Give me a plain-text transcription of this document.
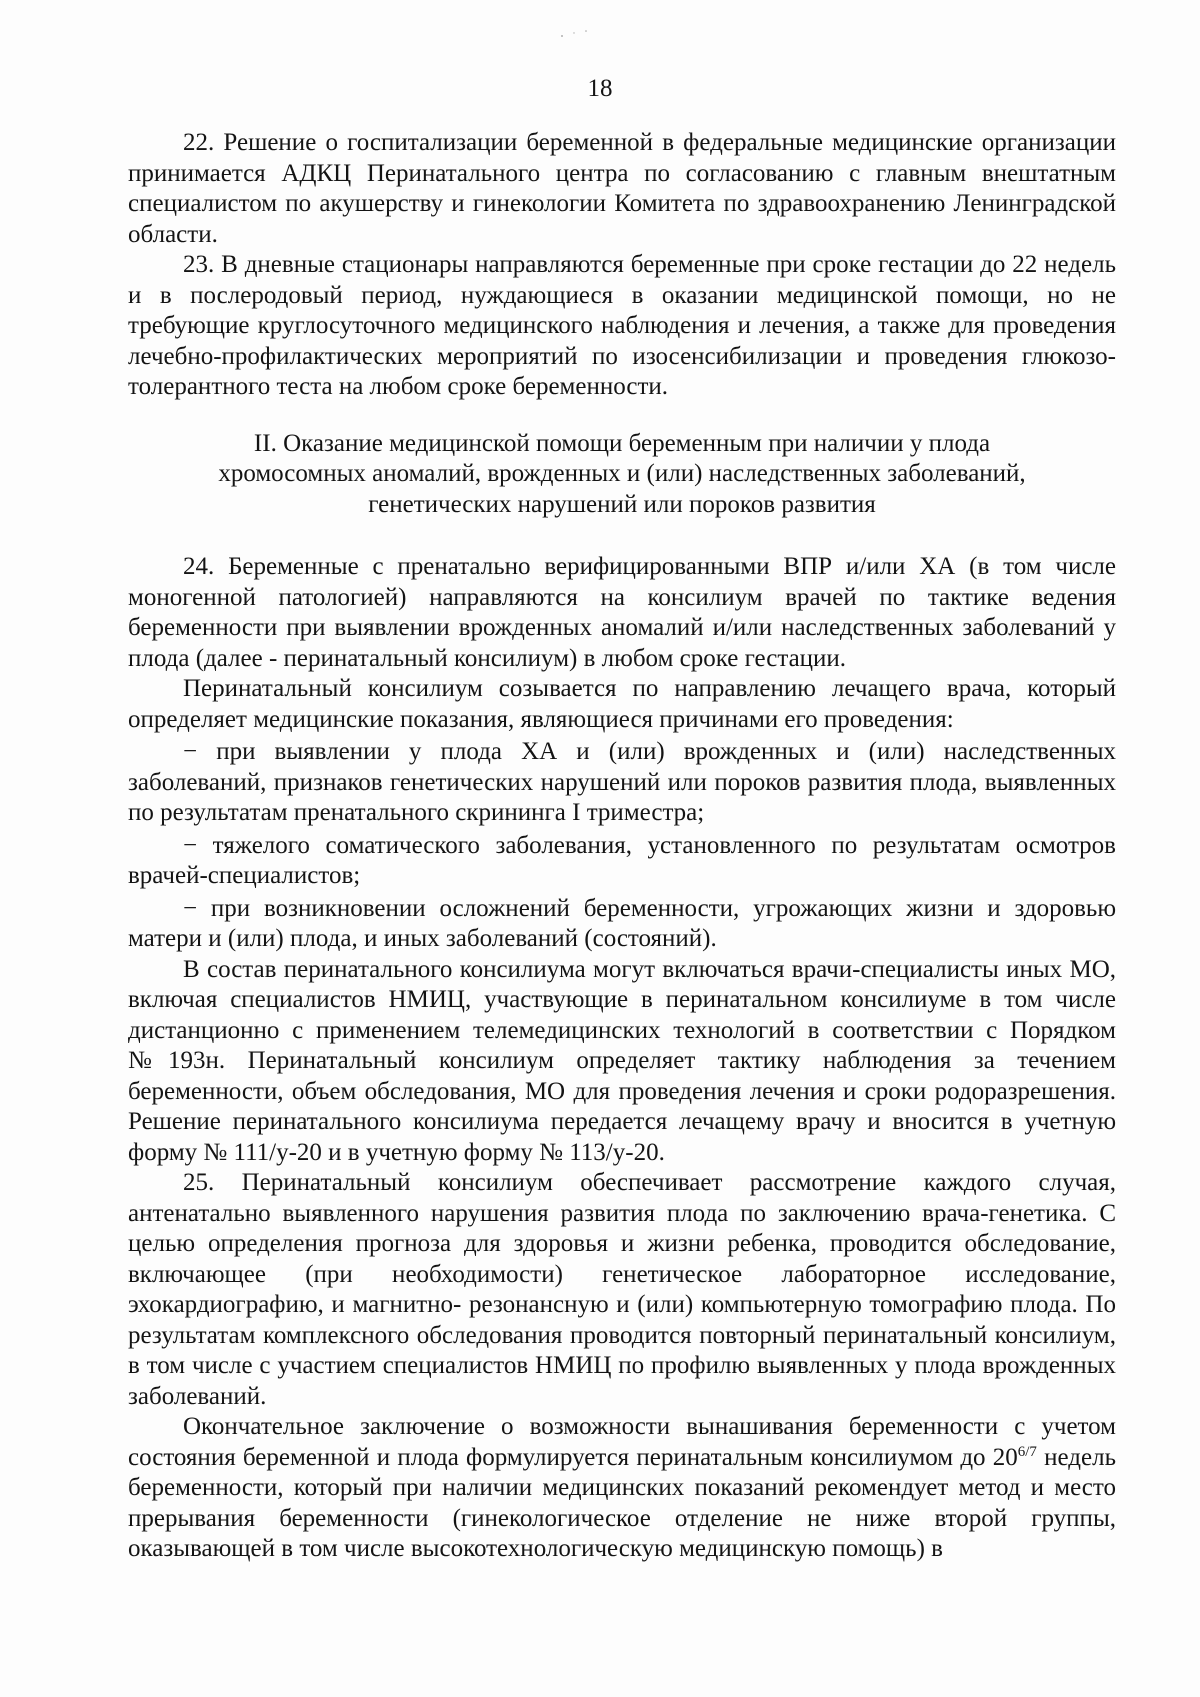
18

22. Решение о госпитализации беременной в федеральные медицинские организации принимается АДКЦ Перинатального центра по согласованию с главным внештатным специалистом по акушерству и гинекологии Комитета по здравоохранению Ленинградской области.

23. В дневные стационары направляются беременные при сроке гестации до 22 недель и в послеродовый период, нуждающиеся в оказании медицинской помощи, но не требующие круглосуточного медицинского наблюдения и лечения, а также для проведения лечебно-профилактических мероприятий по изосенсибилизации и проведения глюкозо-толерантного теста на любом сроке беременности.

II. Оказание медицинской помощи беременным при наличии у плода
хромосомных аномалий, врожденных и (или) наследственных заболеваний,
генетических нарушений или пороков развития

24. Беременные с пренатально верифицированными ВПР и/или ХА (в том числе моногенной патологией) направляются на консилиум врачей по тактике ведения беременности при выявлении врожденных аномалий и/или наследственных заболеваний у плода (далее - перинатальный консилиум) в любом сроке гестации.

Перинатальный консилиум созывается по направлению лечащего врача, который определяет медицинские показания, являющиеся причинами его проведения:

− при выявлении у плода ХА и (или) врожденных и (или) наследственных заболеваний, признаков генетических нарушений или пороков развития плода, выявленных по результатам пренатального скрининга I триместра;

− тяжелого соматического заболевания, установленного по результатам осмотров врачей-специалистов;

− при возникновении осложнений беременности, угрожающих жизни и здоровью матери и (или) плода, и иных заболеваний (состояний).

В состав перинатального консилиума могут включаться врачи-специалисты иных МО, включая специалистов НМИЦ, участвующие в перинатальном консилиуме в том числе дистанционно с применением телемедицинских технологий в соответствии с Порядком №193н. Перинатальный консилиум определяет тактику наблюдения за течением беременности, объем обследования, МО для проведения лечения и сроки родоразрешения. Решение перинатального консилиума передается лечащему врачу и вносится в учетную форму № 111/у-20 и в учетную форму № 113/у-20.

25. Перинатальный консилиум обеспечивает рассмотрение каждого случая, антенатально выявленного нарушения развития плода по заключению врача-генетика. С целью определения прогноза для здоровья и жизни ребенка, проводится обследование, включающее (при необходимости) генетическое лабораторное исследование, эхокардиографию, и магнитно- резонансную и (или) компьютерную томографию плода. По результатам комплексного обследования проводится повторный перинатальный консилиум, в том числе с участием специалистов НМИЦ по профилю выявленных у плода врожденных заболеваний.

Окончательное заключение о возможности вынашивания беременности с учетом состояния беременной и плода формулируется перинатальным консилиумом до $20^{6/7}$ недель беременности, который при наличии медицинских показаний рекомендует метод и место прерывания беременности (гинекологическое отделение не ниже второй группы, оказывающей в том числе высокотехнологическую медицинскую помощь) в
